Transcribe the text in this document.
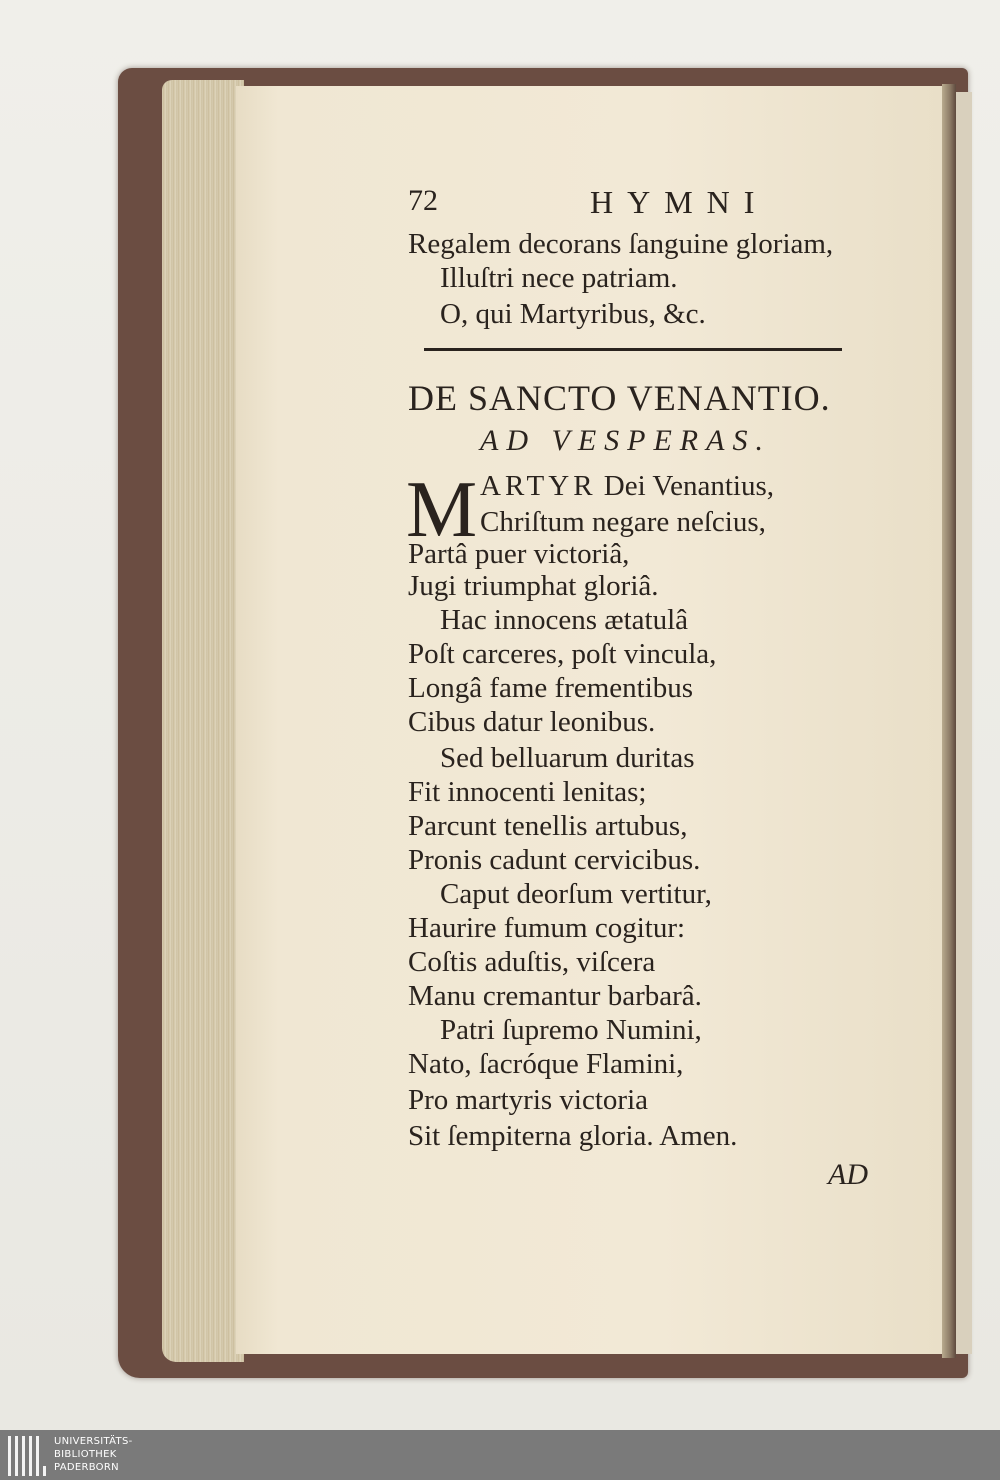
72	HYMNI
Regalem decorans ſanguine gloriam,
Illuſtri nece patriam.
O, qui Martyribus, &c.
DE SANCTO VENANTIO.
AD VESPERAS.
M ARTYR Dei Venantius,
Chriſtum negare neſcius,
Partâ puer victoriâ,
Jugi triumphat gloriâ.
Hac innocens ætatulâ
Poſt carceres, poſt vincula,
Longâ fame frementibus
Cibus datur leonibus.
Sed belluarum duritas
Fit innocenti lenitas;
Parcunt tenellis artubus,
Pronis cadunt cervicibus.
Caput deorſum vertitur,
Haurire fumum cogitur:
Coſtis aduſtis, viſcera
Manu cremantur barbarâ.
Patri ſupremo Numini,
Nato, ſacróque Flamini,
Pro martyris victoria
Sit ſempiterna gloria. Amen.
AD
UNIVERSITÄTS-
BIBLIOTHEK
PADERBORN
